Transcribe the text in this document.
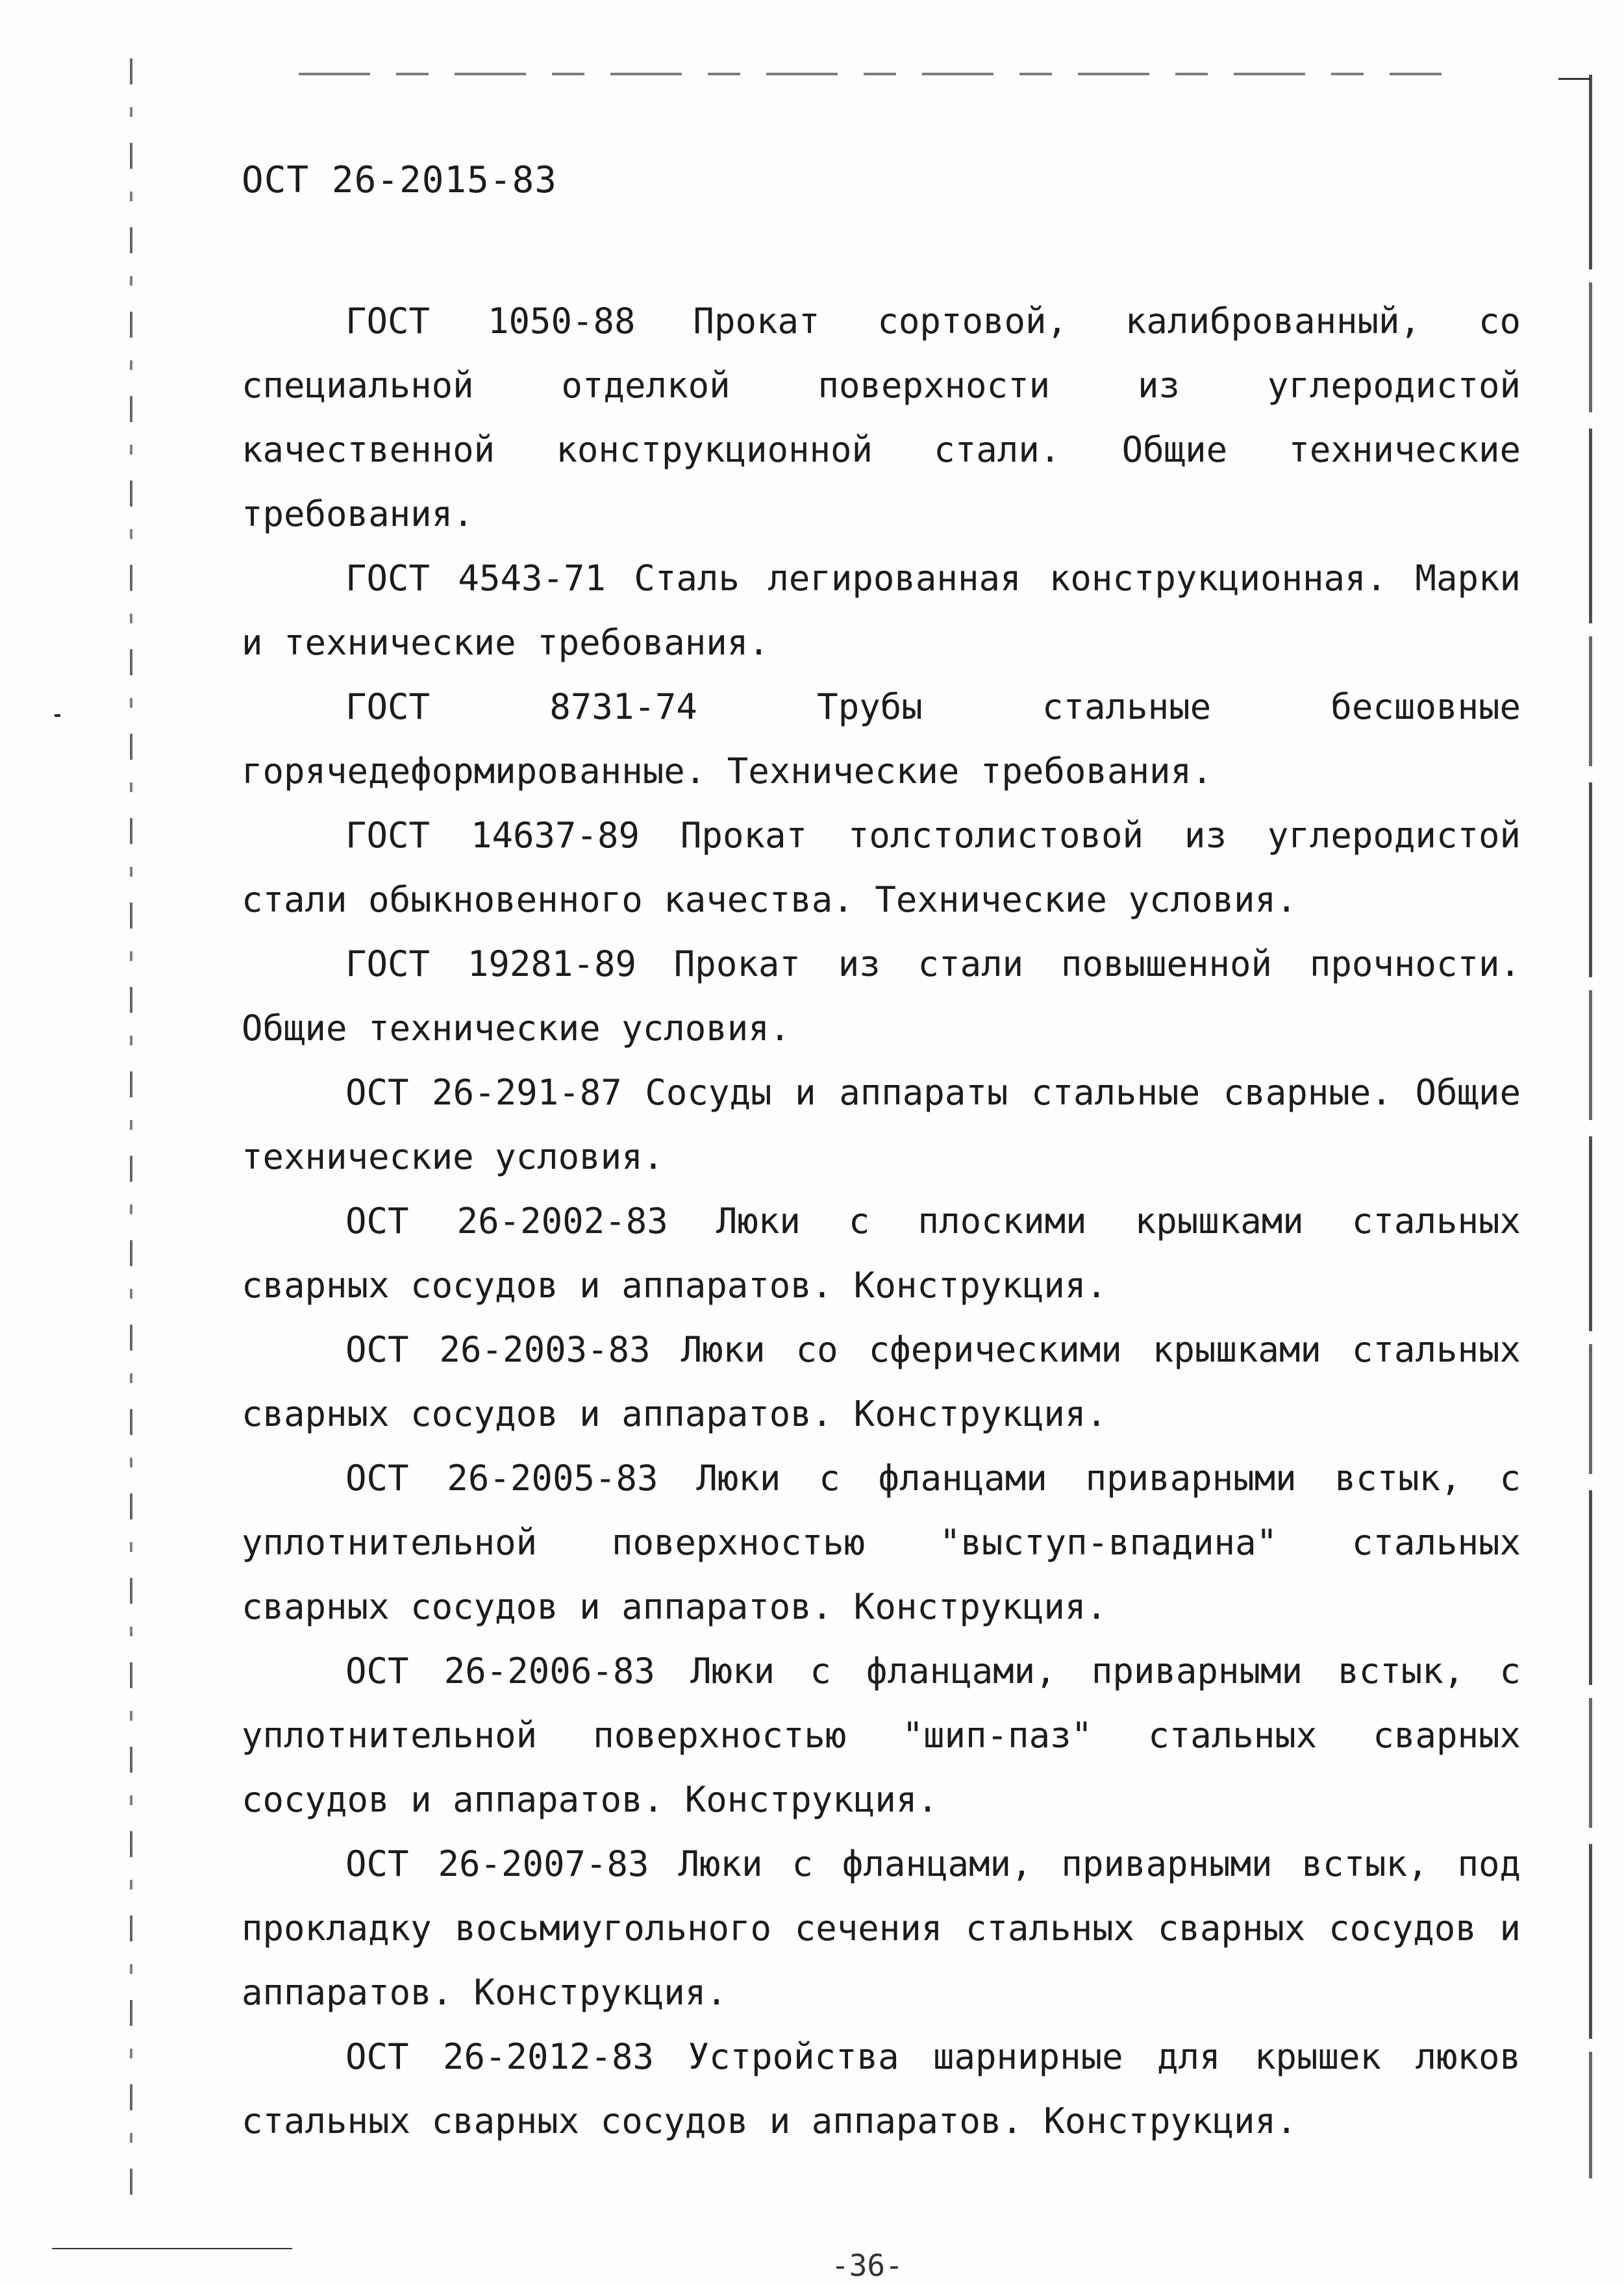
ОСТ 26-2015-83

ГОСТ 1050-88 Прокат сортовой, калиброванный, со специальной отделкой поверхности из углеродистой качественной конструкционной стали. Общие технические требования.

ГОСТ 4543-71 Сталь легированная конструкционная. Марки и технические требования.

ГОСТ 8731-74 Трубы стальные бесшовные горячедеформированные. Технические требования.

ГОСТ 14637-89 Прокат толстолистовой из углеродистой стали обыкновенного качества. Технические условия.

ГОСТ 19281-89 Прокат из стали повышенной прочности. Общие технические условия.

ОСТ 26-291-87 Сосуды и аппараты стальные сварные. Общие технические условия.

ОСТ 26-2002-83 Люки с плоскими крышками стальных сварных сосудов и аппаратов. Конструкция.

ОСТ 26-2003-83 Люки со сферическими крышками стальных сварных сосудов и аппаратов. Конструкция.

ОСТ 26-2005-83 Люки с фланцами приварными встык, с уплотнительной поверхностью "выступ-впадина" стальных сварных сосудов и аппаратов. Конструкция.

ОСТ 26-2006-83 Люки с фланцами, приварными встык, с уплотнительной поверхностью "шип-паз" стальных сварных сосудов и аппаратов. Конструкция.

ОСТ 26-2007-83 Люки с фланцами, приварными встык, под прокладку восьмиугольного сечения стальных сварных сосудов и аппаратов. Конструкция.

ОСТ 26-2012-83 Устройства шарнирные для крышек люков стальных сварных сосудов и аппаратов. Конструкция.

-36-
